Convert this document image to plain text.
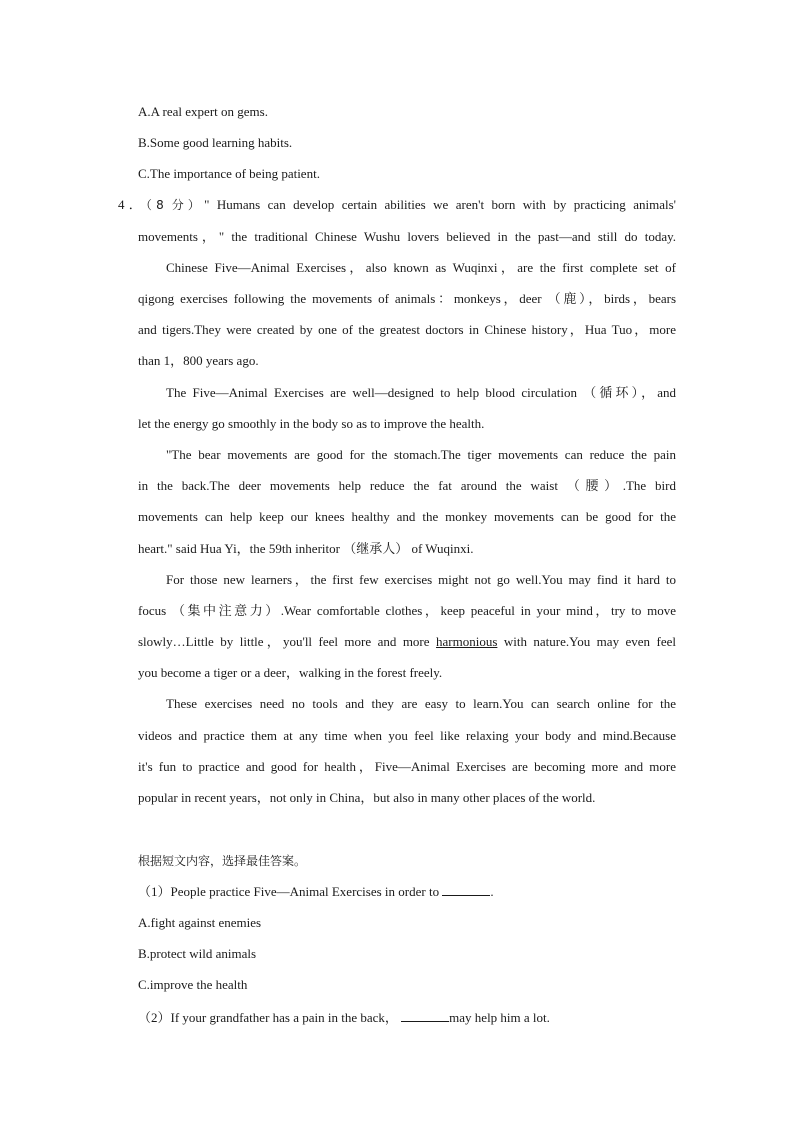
A.A real expert on gems.
B.Some good learning habits.
C.The importance of being patient.
4．（8 分）" Humans can develop certain abilities we aren't born with by practicing animals'
movements，" the traditional Chinese Wushu lovers believed in the past—and still do today.
Chinese Five—Animal Exercises，also known as Wuqinxi，are the first complete set of
qigong exercises following the movements of animals：monkeys，deer （鹿），birds，bears
and tigers.They were created by one of the greatest doctors in Chinese history，Hua Tuo，more
than 1，800 years ago.
The Five—Animal Exercises are well—designed to help blood circulation （循环），and
let the energy go smoothly in the body so as to improve the health.
"The bear movements are good for the stomach.The tiger movements can reduce the pain
in the back.The deer movements help reduce the fat around the waist （腰）.The bird
movements can help keep our knees healthy and the monkey movements can be good for the
heart." said Hua Yi，the 59th inheritor （继承人） of Wuqinxi.
For those new learners，the first few exercises might not go well.You may find it hard to
focus （集中注意力）.Wear comfortable clothes，keep peaceful in your mind，try to move
slowly…Little by little，you'll feel more and more harmonious with nature.You may even feel
you become a tiger or a deer，walking in the forest freely.
These exercises need no tools and they are easy to learn.You can search online for the
videos and practice them at any time when you feel like relaxing your body and mind.Because
it's fun to practice and good for health，Five—Animal Exercises are becoming more and more
popular in recent years，not only in China，but also in many other places of the world.
根据短文内容，选择最佳答案。
（1）People practice Five—Animal Exercises in order to	.
A.fight against enemies
B.protect wild animals
C.improve the health
（2）If your grandfather has a pain in the back，	may help him a lot.
